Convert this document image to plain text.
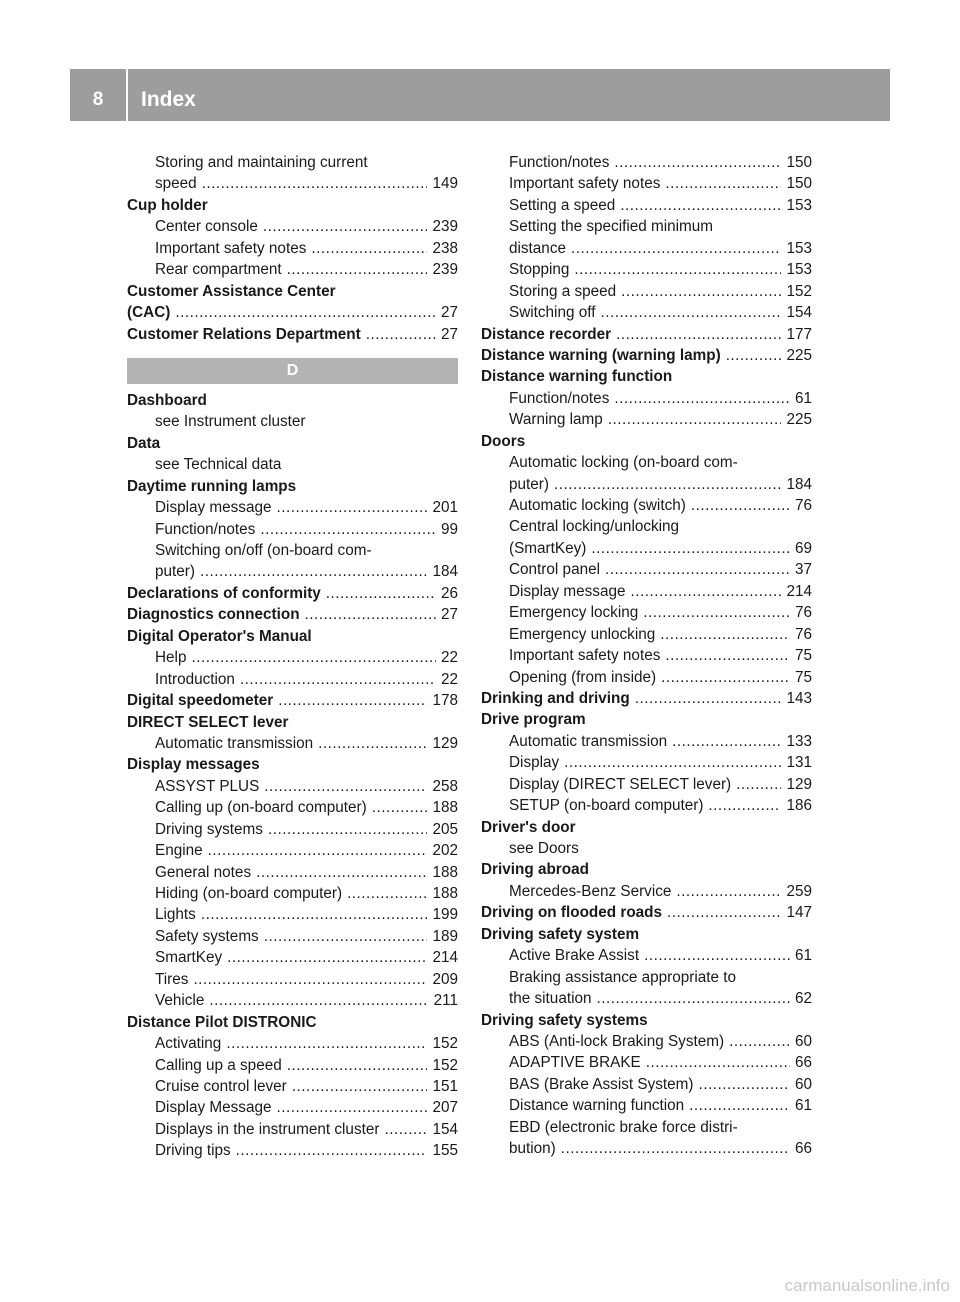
8	Index
Storing and maintaining current
speed .....	149
Cup holder
Center console .....	239
Important safety notes .....	238
Rear compartment .....	239
Customer Assistance Center
(CAC) .....	27
Customer Relations Department .....	27
D
Dashboard
see Instrument cluster
Data
see Technical data
Daytime running lamps
Display message .....	201
Function/notes .....	99
Switching on/off (on-board com-
puter) .....	184
Declarations of conformity .....	26
Diagnostics connection .....	27
Digital Operator's Manual
Help .....	22
Introduction .....	22
Digital speedometer .....	178
DIRECT SELECT lever
Automatic transmission .....	129
Display messages
ASSYST PLUS .....	258
Calling up (on-board computer) .....	188
Driving systems .....	205
Engine .....	202
General notes .....	188
Hiding (on-board computer) .....	188
Lights .....	199
Safety systems .....	189
SmartKey .....	214
Tires .....	209
Vehicle .....	211
Distance Pilot DISTRONIC
Activating .....	152
Calling up a speed .....	152
Cruise control lever .....	151
Display Message .....	207
Displays in the instrument cluster .....	154
Driving tips .....	155
Function/notes .....	150
Important safety notes .....	150
Setting a speed .....	153
Setting the specified minimum
distance .....	153
Stopping .....	153
Storing a speed .....	152
Switching off .....	154
Distance recorder .....	177
Distance warning (warning lamp) .....	225
Distance warning function
Function/notes .....	61
Warning lamp .....	225
Doors
Automatic locking (on-board com-
puter) .....	184
Automatic locking (switch) .....	76
Central locking/unlocking
(SmartKey) .....	69
Control panel .....	37
Display message .....	214
Emergency locking .....	76
Emergency unlocking .....	76
Important safety notes .....	75
Opening (from inside) .....	75
Drinking and driving .....	143
Drive program
Automatic transmission .....	133
Display .....	131
Display (DIRECT SELECT lever) .....	129
SETUP (on-board computer) .....	186
Driver's door
see Doors
Driving abroad
Mercedes-Benz Service .....	259
Driving on flooded roads .....	147
Driving safety system
Active Brake Assist .....	61
Braking assistance appropriate to
the situation .....	62
Driving safety systems
ABS (Anti-lock Braking System) .....	60
ADAPTIVE BRAKE .....	66
BAS (Brake Assist System) .....	60
Distance warning function .....	61
EBD (electronic brake force distri-
bution) .....	66
carmanualsonline.info
